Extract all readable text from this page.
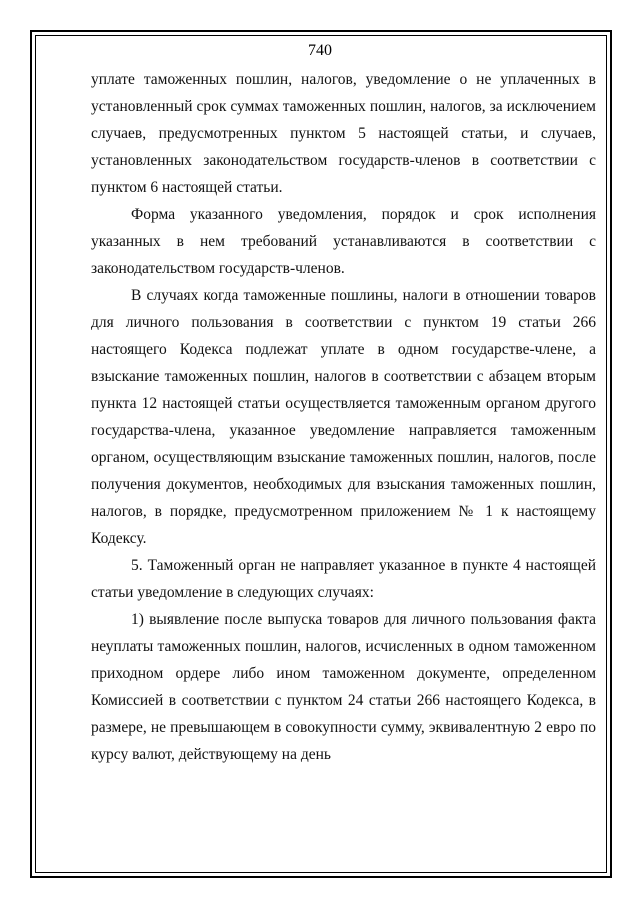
740

уплате таможенных пошлин, налогов, уведомление о не уплаченных в установленный срок суммах таможенных пошлин, налогов, за исключением случаев, предусмотренных пунктом 5 настоящей статьи, и случаев, установленных законодательством государств-членов в соответствии с пунктом 6 настоящей статьи.

Форма указанного уведомления, порядок и срок исполнения указанных в нем требований устанавливаются в соответствии с законодательством государств-членов.

В случаях когда таможенные пошлины, налоги в отношении товаров для личного пользования в соответствии с пунктом 19 статьи 266 настоящего Кодекса подлежат уплате в одном государстве-члене, а взыскание таможенных пошлин, налогов в соответствии с абзацем вторым пункта 12 настоящей статьи осуществляется таможенным органом другого государства-члена, указанное уведомление направляется таможенным органом, осуществляющим взыскание таможенных пошлин, налогов, после получения документов, необходимых для взыскания таможенных пошлин, налогов, в порядке, предусмотренном приложением № 1 к настоящему Кодексу.

5. Таможенный орган не направляет указанное в пункте 4 настоящей статьи уведомление в следующих случаях:

1) выявление после выпуска товаров для личного пользования факта неуплаты таможенных пошлин, налогов, исчисленных в одном таможенном приходном ордере либо ином таможенном документе, определенном Комиссией в соответствии с пунктом 24 статьи 266 настоящего Кодекса, в размере, не превышающем в совокупности сумму, эквивалентную 2 евро по курсу валют, действующему на день
